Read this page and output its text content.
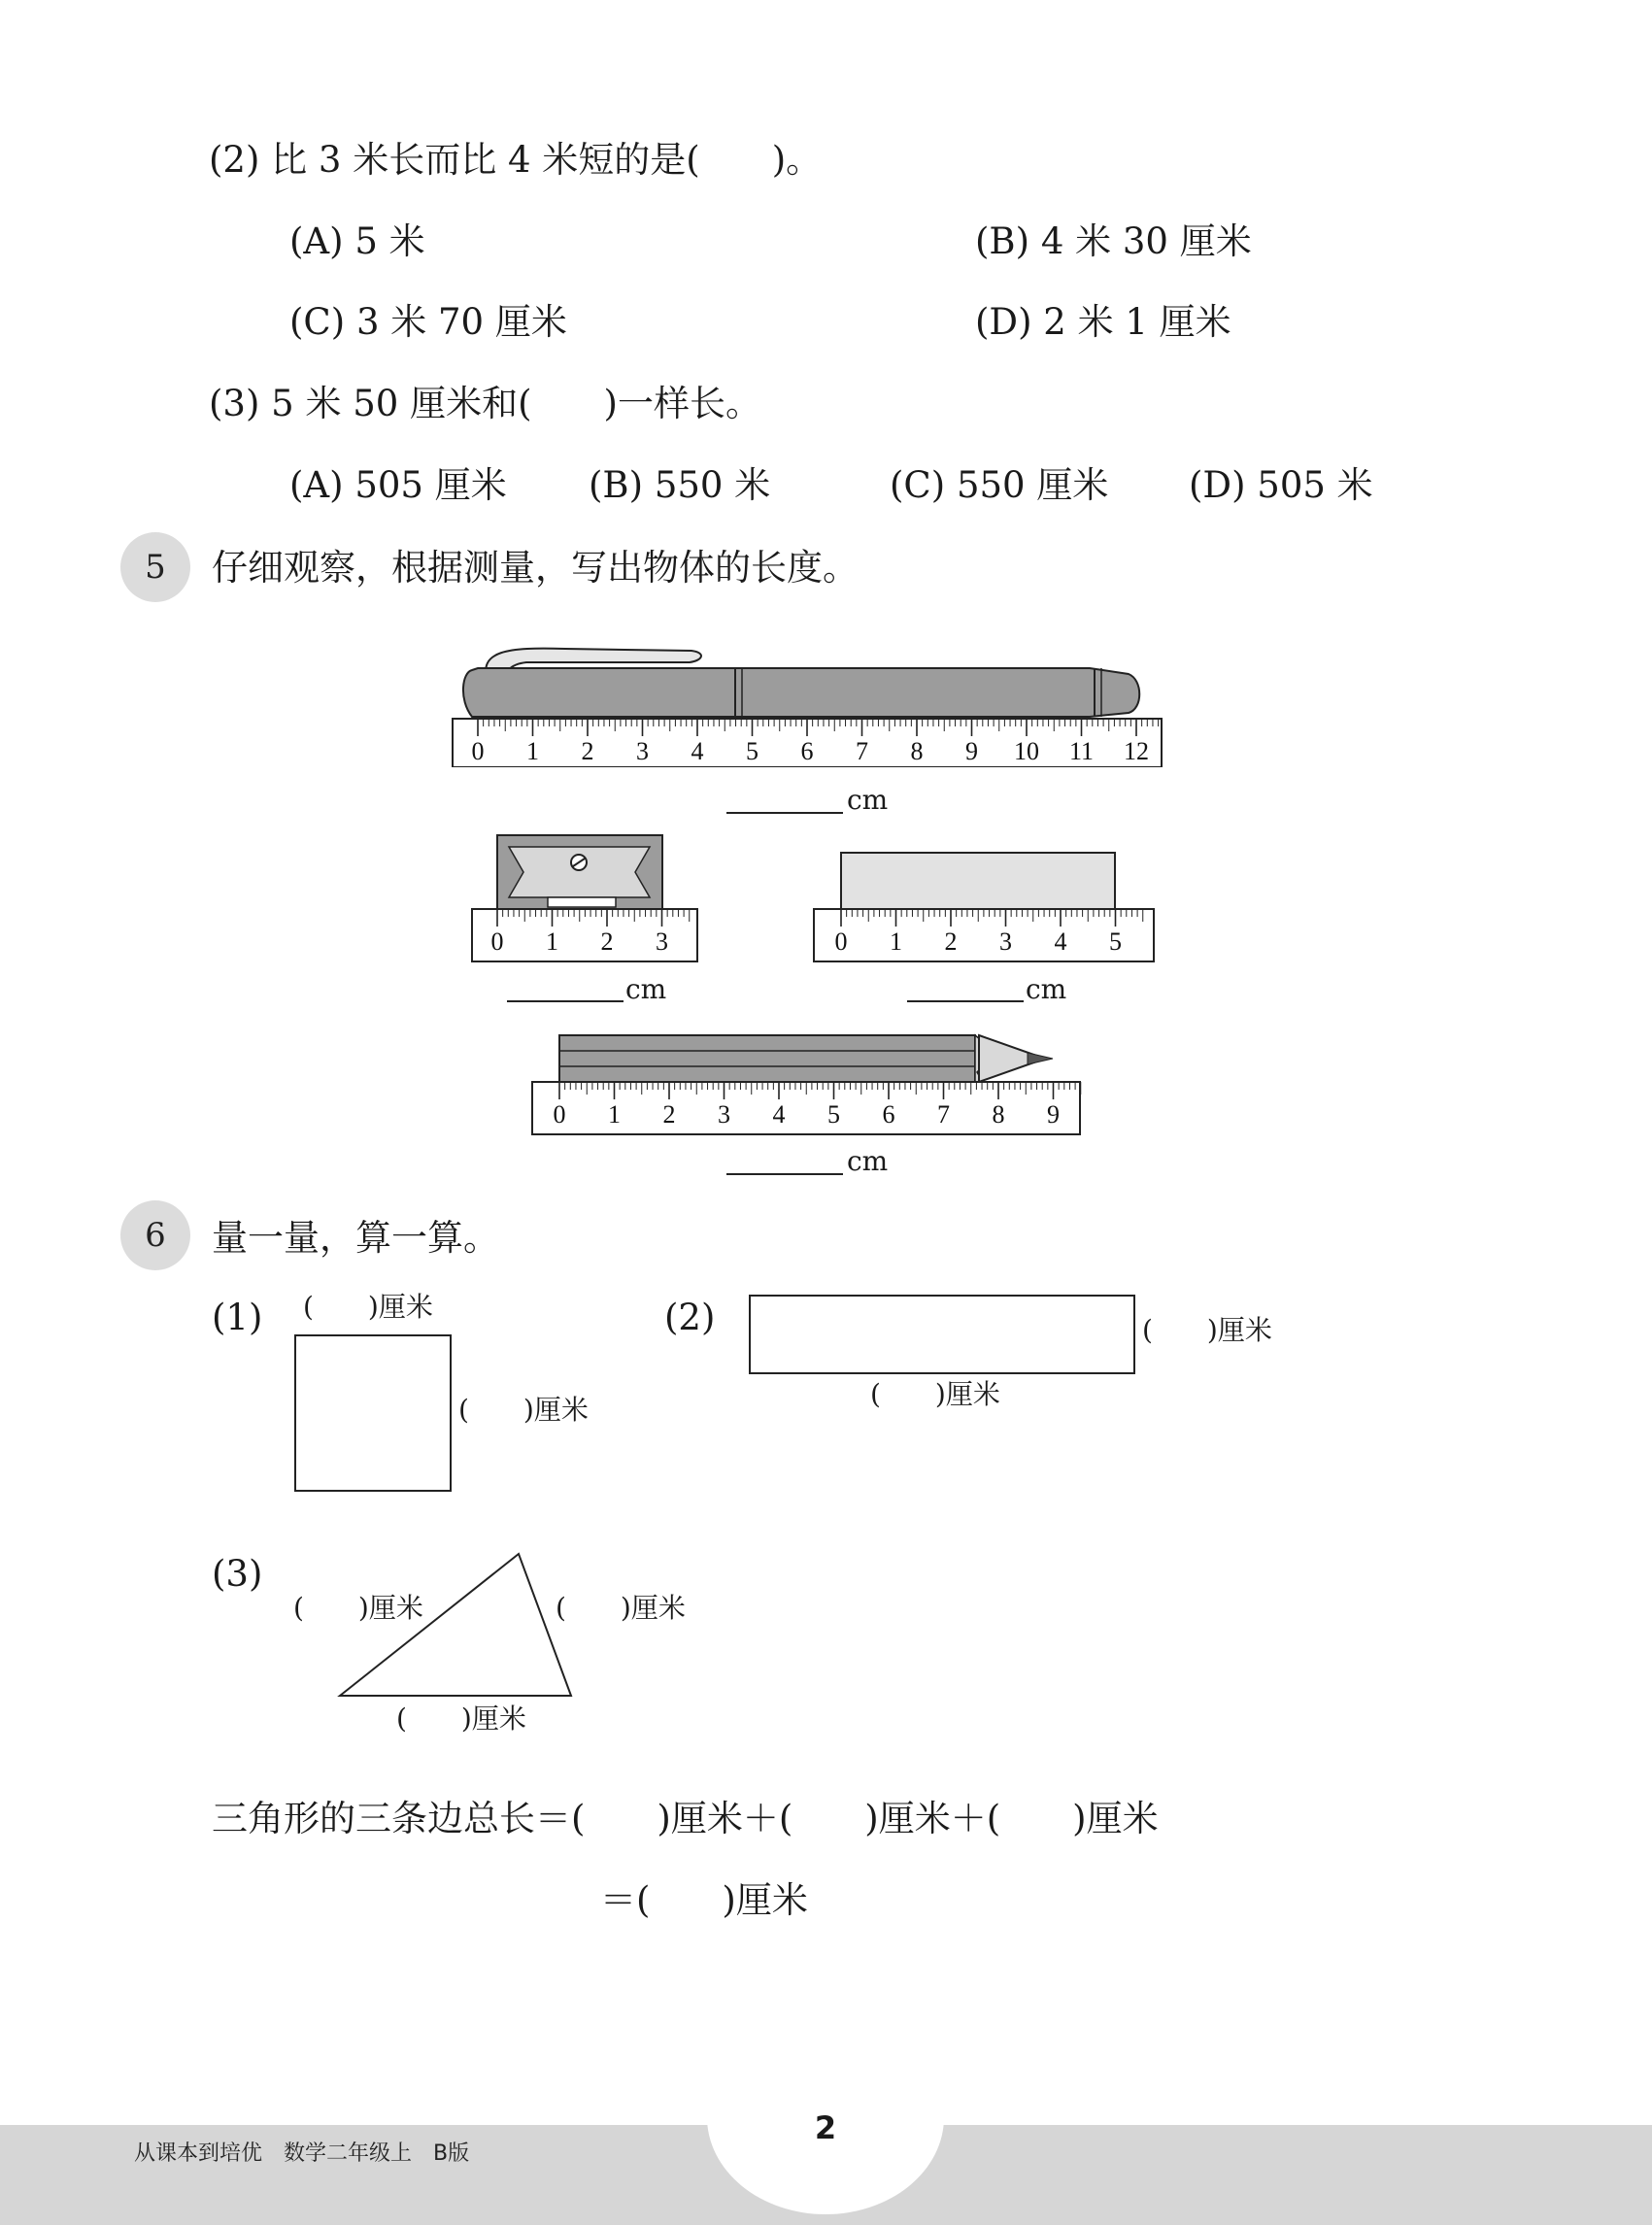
(2) 比 3 米长而比 4 米短的是(　　)。
(A) 5 米	(B) 4 米 30 厘米
(C) 3 米 70 厘米	(D) 2 米 1 厘米
(3) 5 米 50 厘米和(　　)一样长。
(A) 505 厘米 (B) 550 米	(C) 550 厘米 (D) 505 米
5	仔细观察，根据测量，写出物体的长度。
0 1 2 3 4 5 6 7 8 9 10 11 12
cm
0 1 2 3
cm
0 1 2 3 4 5
cm
0 1 2 3 4 5 6 7 8 9
cm
6	量一量，算一算。
(1) (　　)厘米
(　　)厘米
(2)	(　　)厘米
(　　)厘米
(3)
(　　)厘米	(　　)厘米
(　　)厘米
三角形的三条边总长＝(　　)厘米＋(　　)厘米＋(　　)厘米
＝(　　)厘米
从课本到培优　数学二年级上　B版
2
